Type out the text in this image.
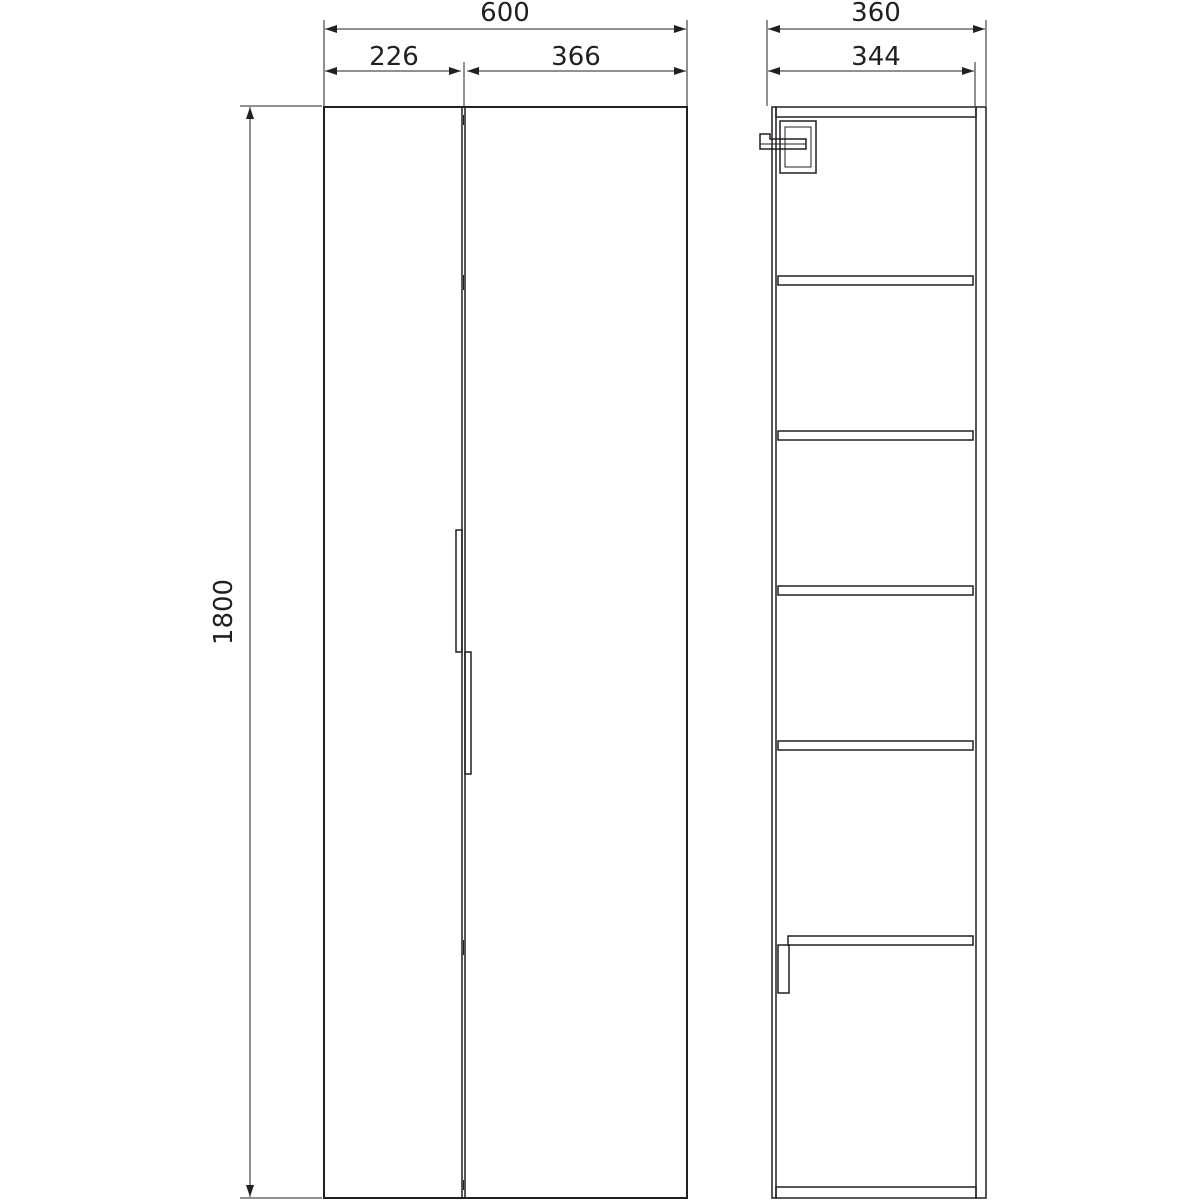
600
226	366
1800
360
344
